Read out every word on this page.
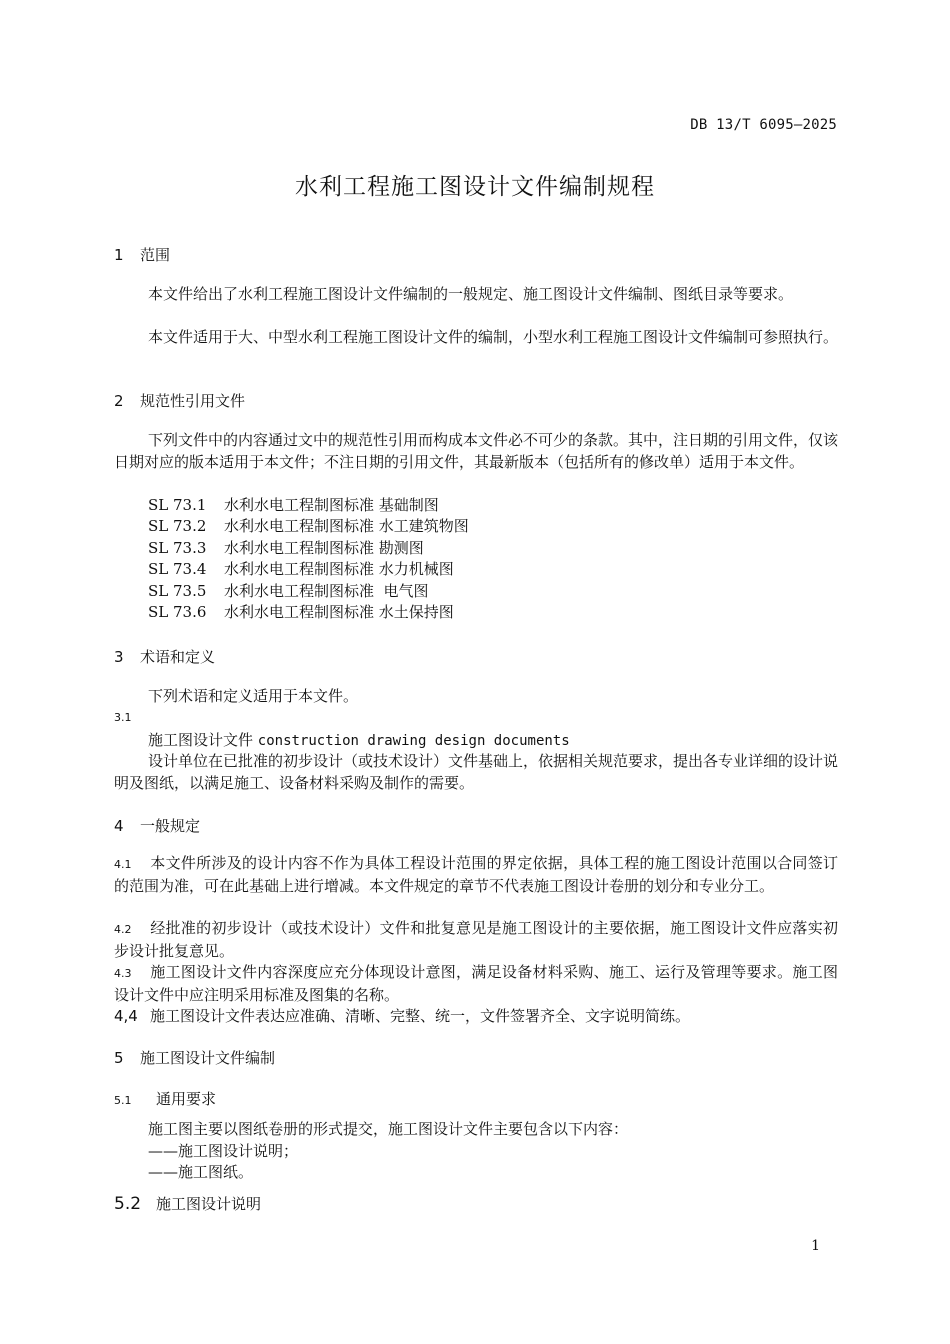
DB 13/T 6095—2025
水利工程施工图设计文件编制规程
1 范围
本文件给出了水利工程施工图设计文件编制的一般规定、施工图设计文件编制、图纸目录等要求。
本文件适用于大、中型水利工程施工图设计文件的编制，小型水利工程施工图设计文件编制可参照执行。
2 规范性引用文件
下列文件中的内容通过文中的规范性引用而构成本文件必不可少的条款。其中，注日期的引用文件，仅该日期对应的版本适用于本文件；不注日期的引用文件，其最新版本（包括所有的修改单）适用于本文件。
SL 73.1 水利水电工程制图标准 基础制图
SL 73.2 水利水电工程制图标准 水工建筑物图
SL 73.3 水利水电工程制图标准 勘测图
SL 73.4 水利水电工程制图标准 水力机械图
SL 73.5 水利水电工程制图标准  电气图
SL 73.6 水利水电工程制图标准 水土保持图
3 术语和定义
下列术语和定义适用于本文件。
3.1
施工图设计文件 construction drawing design documents
设计单位在已批准的初步设计（或技术设计）文件基础上，依据相关规范要求，提出各专业详细的设计说明及图纸，以满足施工、设备材料采购及制作的需要。
4 一般规定
4.1 本文件所涉及的设计内容不作为具体工程设计范围的界定依据，具体工程的施工图设计范围以合同签订的范围为准，可在此基础上进行增减。本文件规定的章节不代表施工图设计卷册的划分和专业分工。
4.2 经批准的初步设计（或技术设计）文件和批复意见是施工图设计的主要依据，施工图设计文件应落实初步设计批复意见。
4.3 施工图设计文件内容深度应充分体现设计意图，满足设备材料采购、施工、运行及管理等要求。施工图设计文件中应注明采用标准及图集的名称。
4,4 施工图设计文件表达应准确、清晰、完整、统一，文件签署齐全、文字说明简练。
5 施工图设计文件编制
5.1 通用要求
施工图主要以图纸卷册的形式提交，施工图设计文件主要包含以下内容：
——施工图设计说明；
——施工图纸。
5.2 施工图设计说明
1
